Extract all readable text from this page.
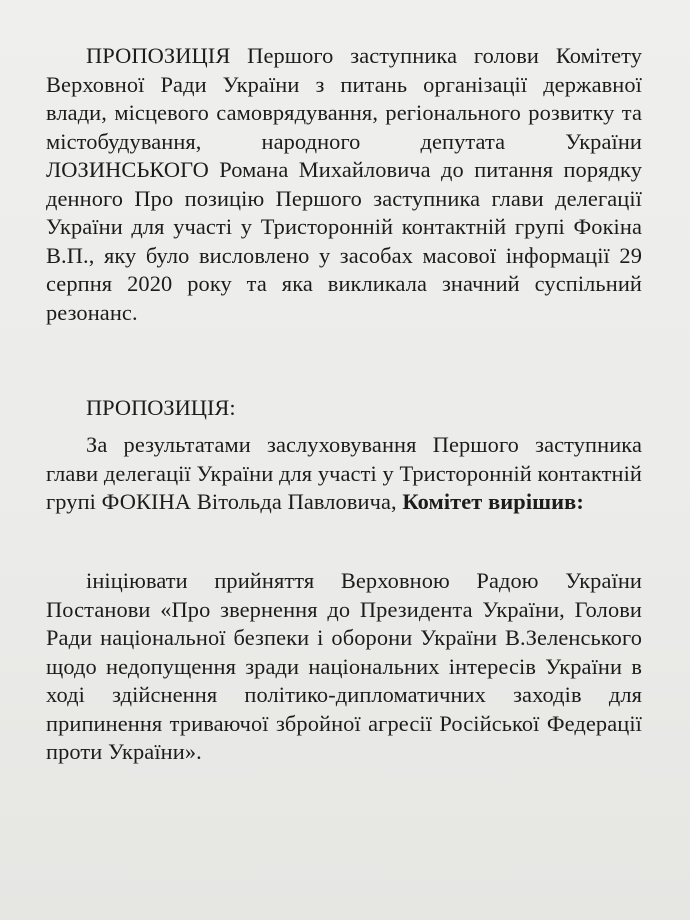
ПРОПОЗИЦІЯ Першого заступника голови Комітету Верховної Ради України з питань організації державної влади, місцевого самоврядування, регіонального розвитку та містобудування, народного депутата України ЛОЗИНСЬКОГО Романа Михайловича до питання порядку денного Про позицію Першого заступника глави делегації України для участі у Тристоронній контактній групі Фокіна В.П., яку було висловлено у засобах масової інформації 29 серпня 2020 року та яка викликала значний суспільний резонанс.

ПРОПОЗИЦІЯ:

За результатами заслуховування Першого заступника глави делегації України для участі у Тристоронній контактній групі ФОКІНА Вітольда Павловича, Комітет вирішив:

ініціювати прийняття Верховною Радою України Постанови «Про звернення до Президента України, Голови Ради національної безпеки і оборони України В.Зеленського щодо недопущення зради національних інтересів України в ході здійснення політико-дипломатичних заходів для припинення триваючої збройної агресії Російської Федерації проти України».
